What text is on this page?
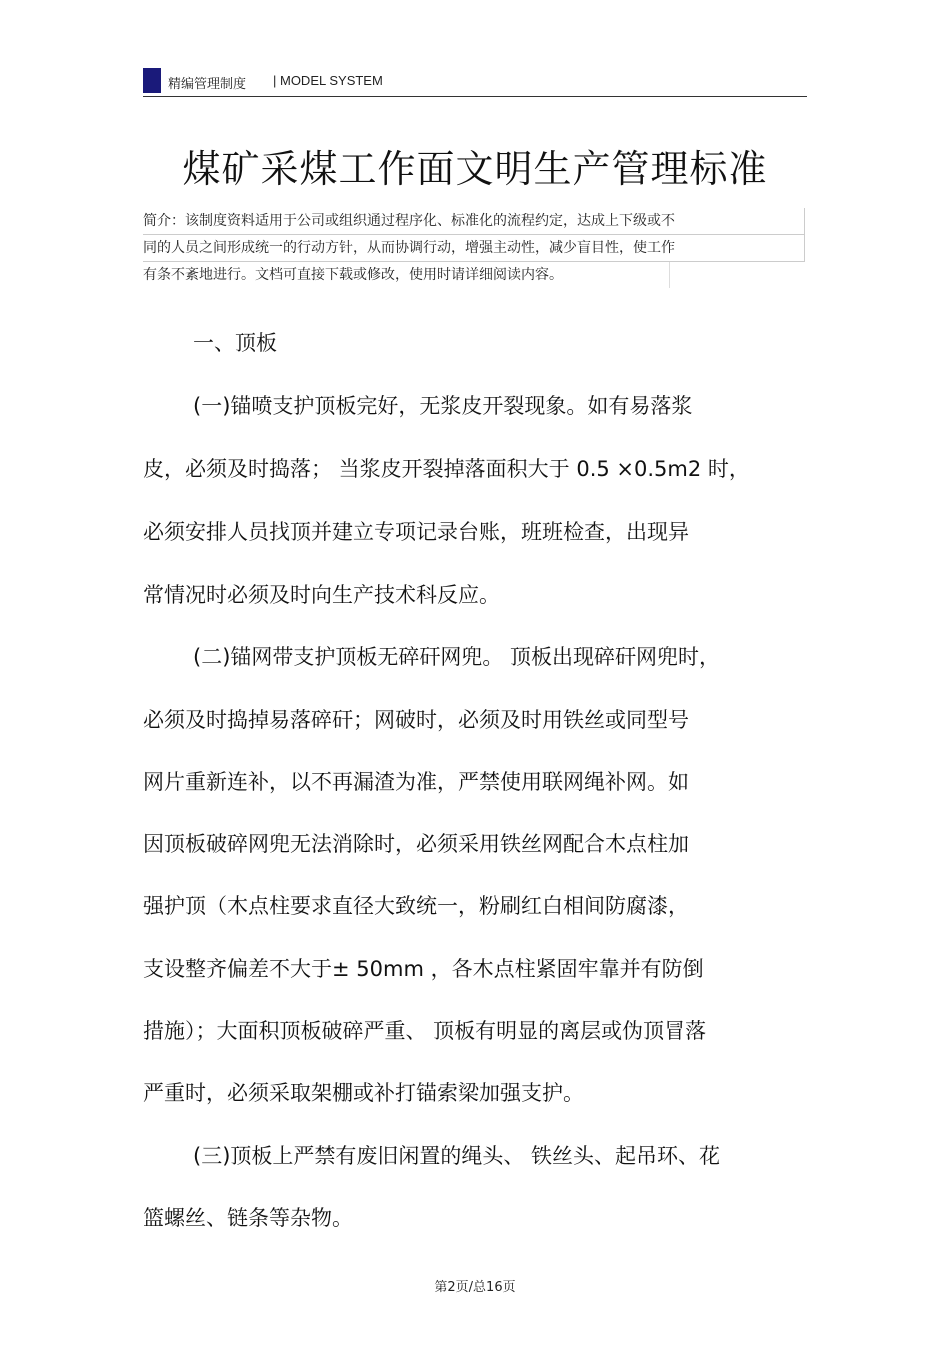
精编管理制度 | MODEL SYSTEM
煤矿采煤工作面文明生产管理标准
简介：该制度资料适用于公司或组织通过程序化、标准化的流程约定，达成上下级或不
同的人员之间形成统一的行动方针，从而协调行动，增强主动性，减少盲目性，使工作
有条不紊地进行。文档可直接下载或修改，使用时请详细阅读内容。
一、顶板
(一)锚喷支护顶板完好，无浆皮开裂现象。如有易落浆
皮，必须及时捣落； 当浆皮开裂掉落面积大于 0.5 ×0.5m2 时，
必须安排人员找顶并建立专项记录台账，班班检查，出现异
常情况时必须及时向生产技术科反应。
(二)锚网带支护顶板无碎矸网兜。 顶板出现碎矸网兜时，
必须及时捣掉易落碎矸；网破时，必须及时用铁丝或同型号
网片重新连补，以不再漏渣为准，严禁使用联网绳补网。如
因顶板破碎网兜无法消除时，必须采用铁丝网配合木点柱加
强护顶（木点柱要求直径大致统一，粉刷红白相间防腐漆，
支设整齐偏差不大于± 50mm ，各木点柱紧固牢靠并有防倒
措施）；大面积顶板破碎严重、 顶板有明显的离层或伪顶冒落
严重时，必须采取架棚或补打锚索梁加强支护。
(三)顶板上严禁有废旧闲置的绳头、 铁丝头、起吊环、花
篮螺丝、链条等杂物。
第2页/总16页
